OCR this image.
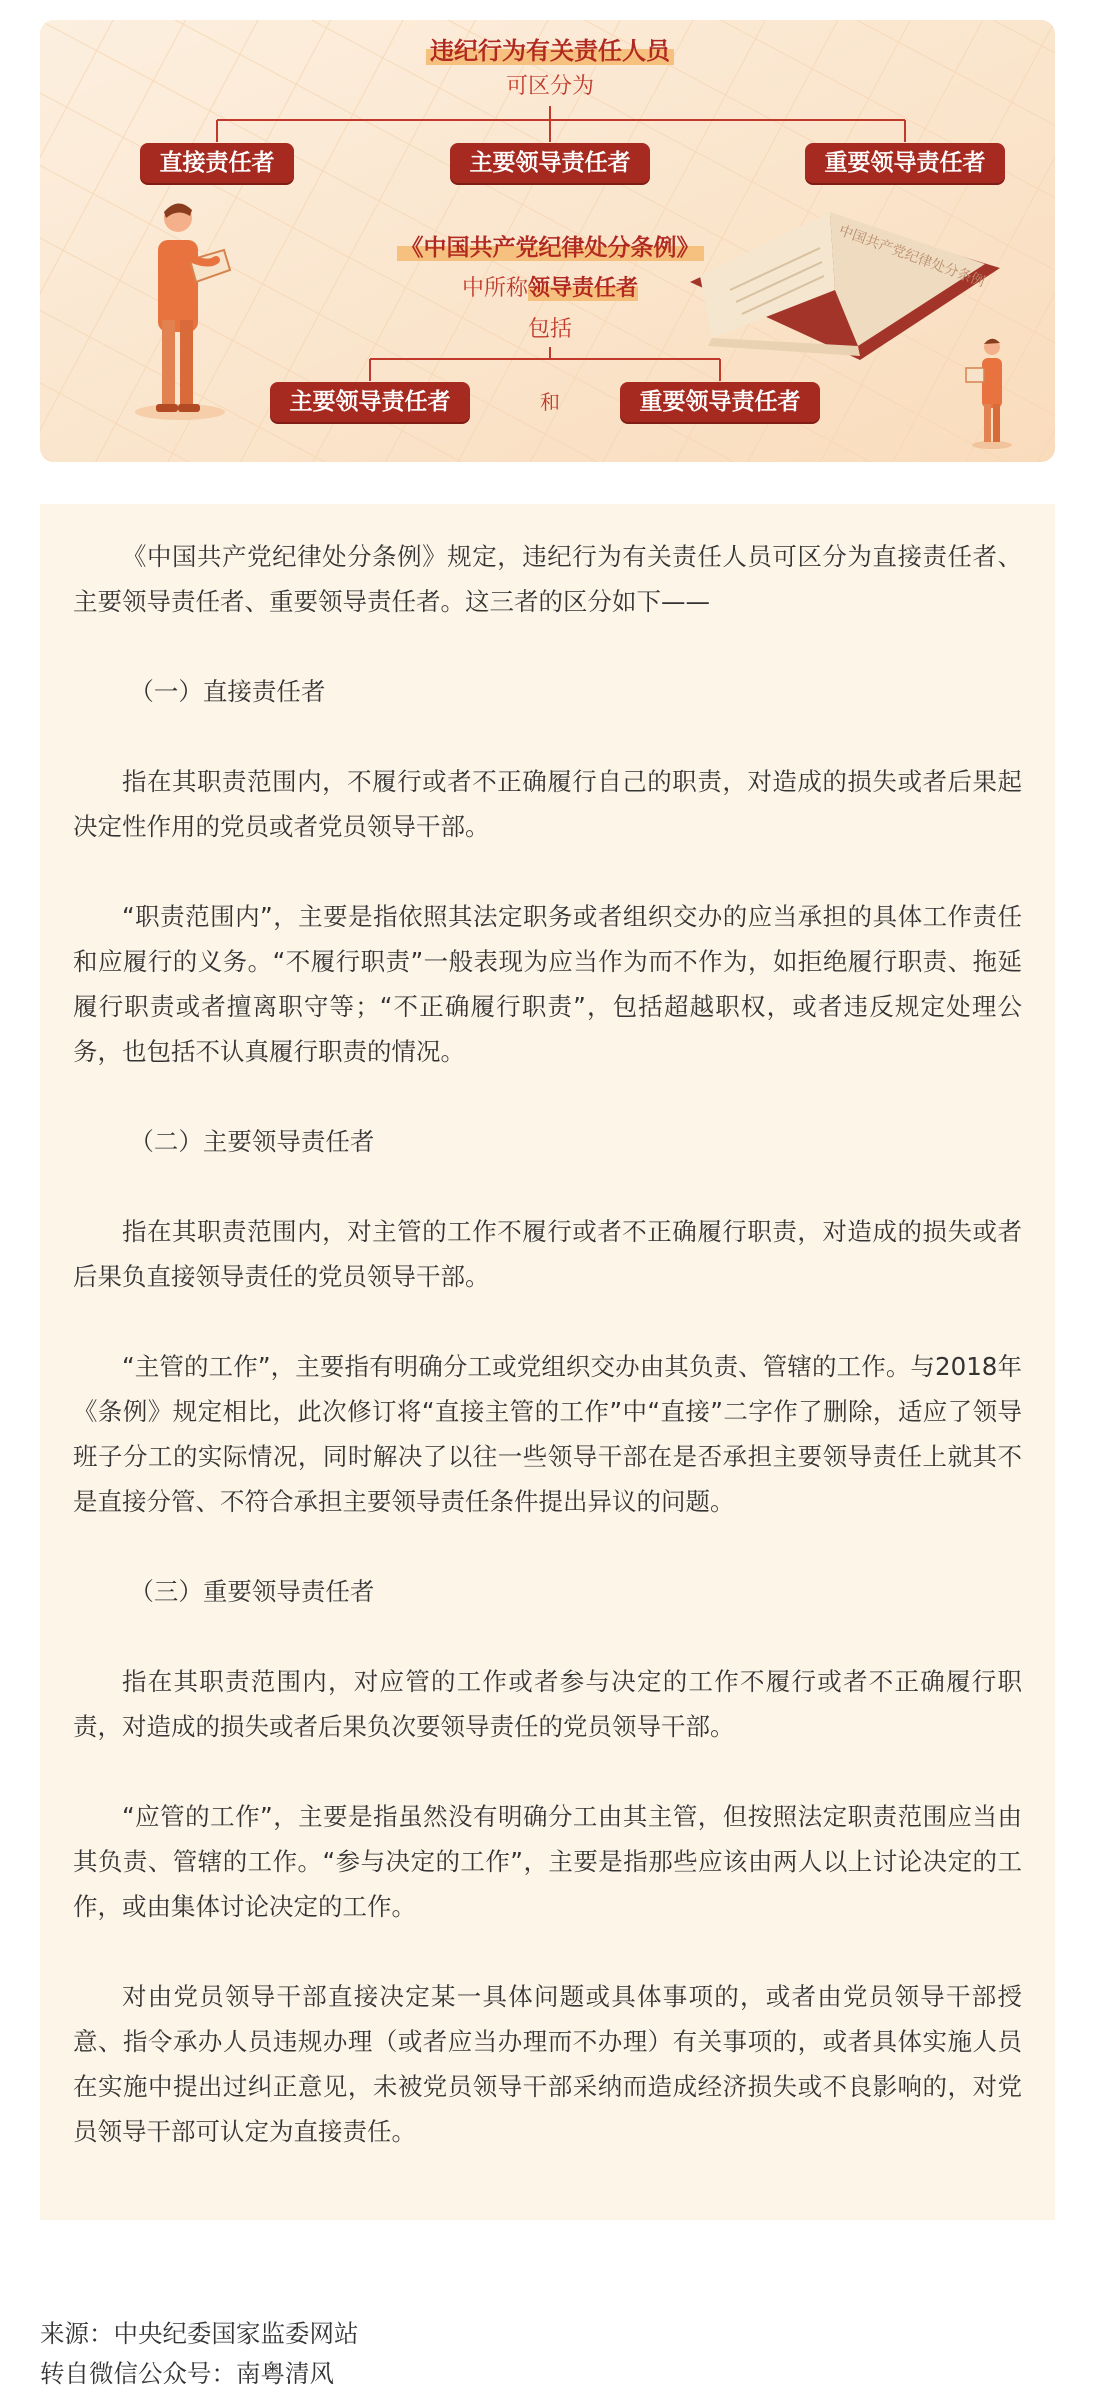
违纪行为有关责任人员
可区分为
直接责任者	主要领导责任者	重要领导责任者
《中国共产党纪律处分条例》
中所称领导责任者
包括
主要领导责任者	和	重要领导责任者
中国共产党纪律处分条例

《中国共产党纪律处分条例》规定，违纪行为有关责任人员可区分为直接责任者、主要领导责任者、重要领导责任者。这三者的区分如下——

（一）直接责任者

指在其职责范围内，不履行或者不正确履行自己的职责，对造成的损失或者后果起决定性作用的党员或者党员领导干部。

“职责范围内”，主要是指依照其法定职务或者组织交办的应当承担的具体工作责任和应履行的义务。“不履行职责”一般表现为应当作为而不作为，如拒绝履行职责、拖延履行职责或者擅离职守等；“不正确履行职责”，包括超越职权，或者违反规定处理公务，也包括不认真履行职责的情况。

（二）主要领导责任者

指在其职责范围内，对主管的工作不履行或者不正确履行职责，对造成的损失或者后果负直接领导责任的党员领导干部。

“主管的工作”，主要指有明确分工或党组织交办由其负责、管辖的工作。与2018年《条例》规定相比，此次修订将“直接主管的工作”中“直接”二字作了删除，适应了领导班子分工的实际情况，同时解决了以往一些领导干部在是否承担主要领导责任上就其不是直接分管、不符合承担主要领导责任条件提出异议的问题。

（三）重要领导责任者

指在其职责范围内，对应管的工作或者参与决定的工作不履行或者不正确履行职责，对造成的损失或者后果负次要领导责任的党员领导干部。

“应管的工作”，主要是指虽然没有明确分工由其主管，但按照法定职责范围应当由其负责、管辖的工作。“参与决定的工作”，主要是指那些应该由两人以上讨论决定的工作，或由集体讨论决定的工作。

对由党员领导干部直接决定某一具体问题或具体事项的，或者由党员领导干部授意、指令承办人员违规办理（或者应当办理而不办理）有关事项的，或者具体实施人员在实施中提出过纠正意见，未被党员领导干部采纳而造成经济损失或不良影响的，对党员领导干部可认定为直接责任。

来源：中央纪委国家监委网站

转自微信公众号：南粤清风
